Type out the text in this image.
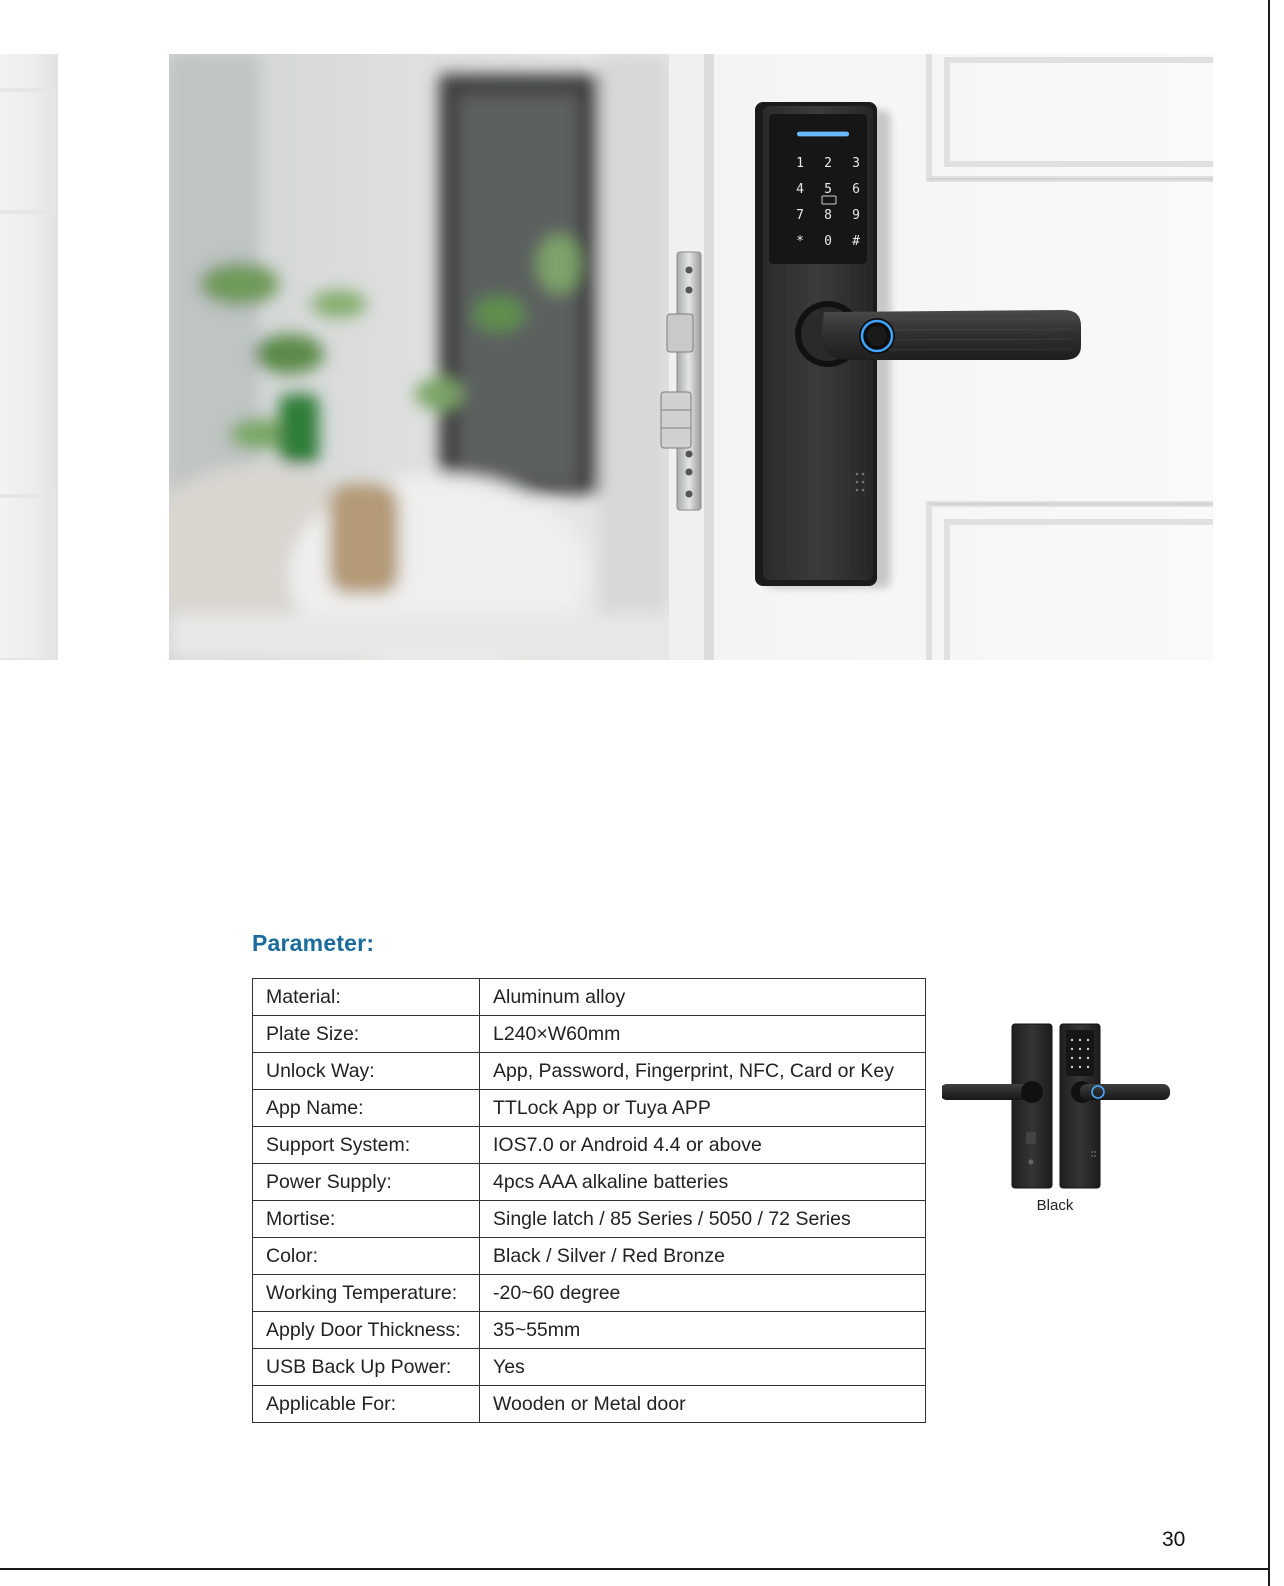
1 2 3
4 5 6
7 8 9
* 0 #
Parameter:
Material:	Aluminum alloy
Plate Size:	L240×W60mm
Unlock Way:	App, Password, Fingerprint, NFC, Card or Key
App Name:	TTLock App or Tuya APP
Support System:	IOS7.0 or Android 4.4 or above
Power Supply:	4pcs AAA alkaline batteries
Mortise:	Single latch / 85 Series / 5050 / 72 Series
Color:	Black / Silver / Red Bronze
Working Temperature:	-20~60 degree
Apply Door Thickness:	35~55mm
USB Back Up Power:	Yes
Applicable For:	Wooden or Metal door
Black
30
